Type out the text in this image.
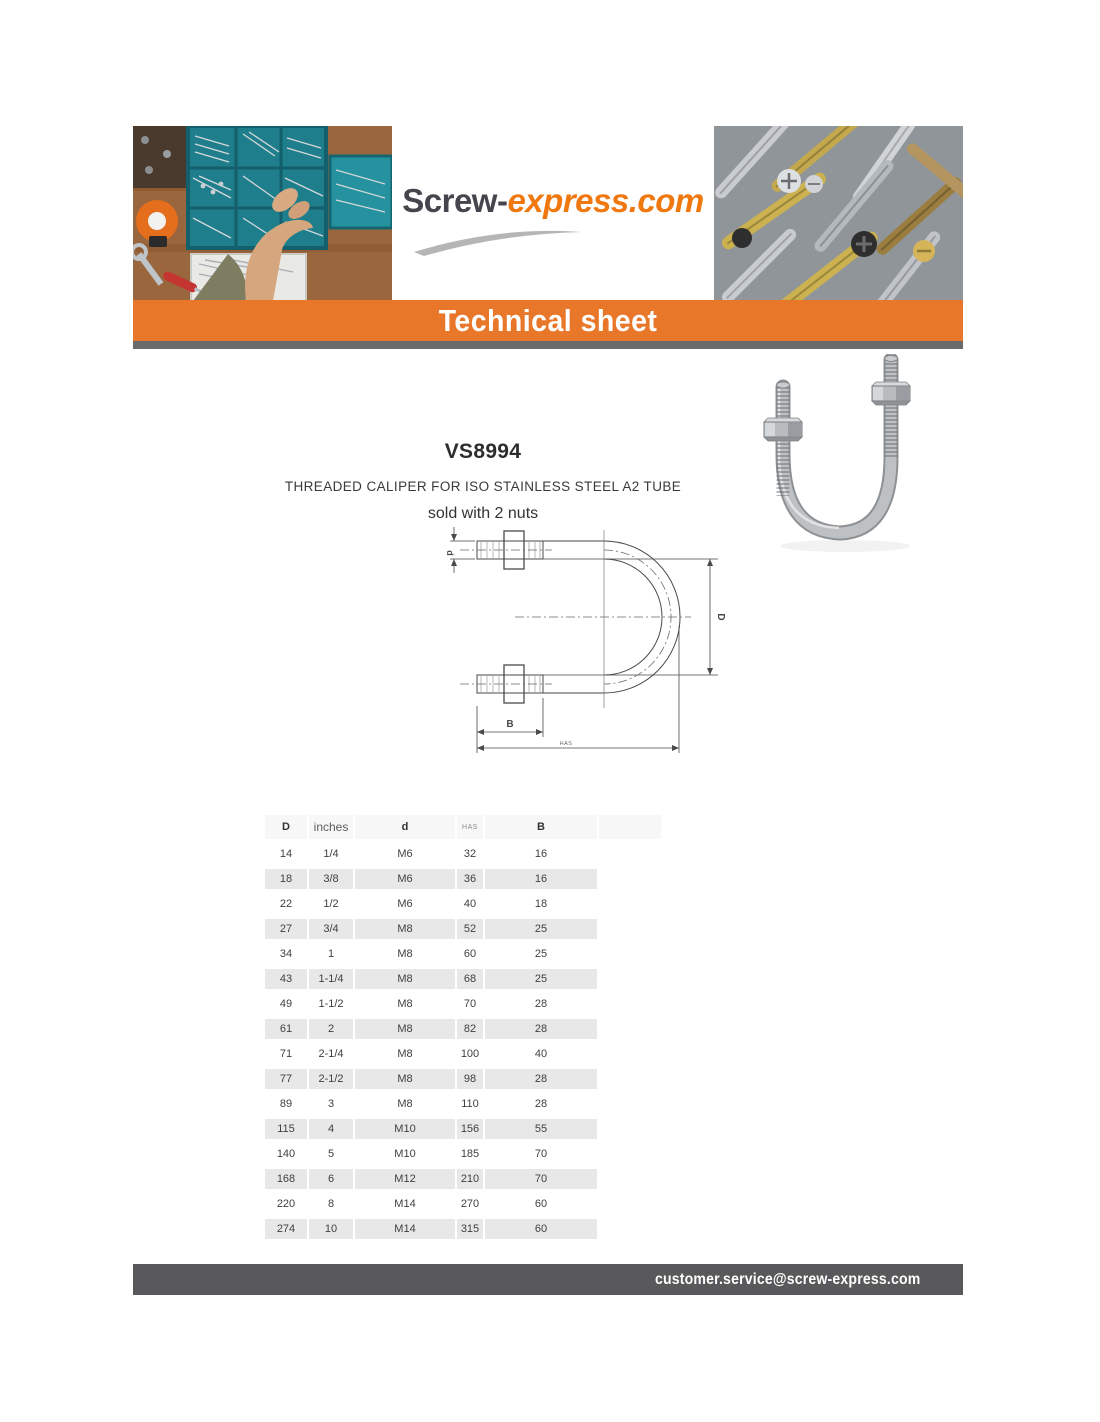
Screw-express.com
Technical sheet
VS8994
THREADED CALIPER FOR ISO STAINLESS STEEL A2 TUBE
sold with 2 nuts
d
D
B
HAS
D	inches	d	HAS	B	
14	1/4	M6	32	16	
18	3/8	M6	36	16	
22	1/2	M6	40	18	
27	3/4	M8	52	25	
34	1	M8	60	25	
43	1-1/4	M8	68	25	
49	1-1/2	M8	70	28	
61	2	M8	82	28	
71	2-1/4	M8	100	40	
77	2-1/2	M8	98	28	
89	3	M8	110	28	
115	4	M10	156	55	
140	5	M10	185	70	
168	6	M12	210	70	
220	8	M14	270	60	
274	10	M14	315	60	
customer.service@screw-express.com
